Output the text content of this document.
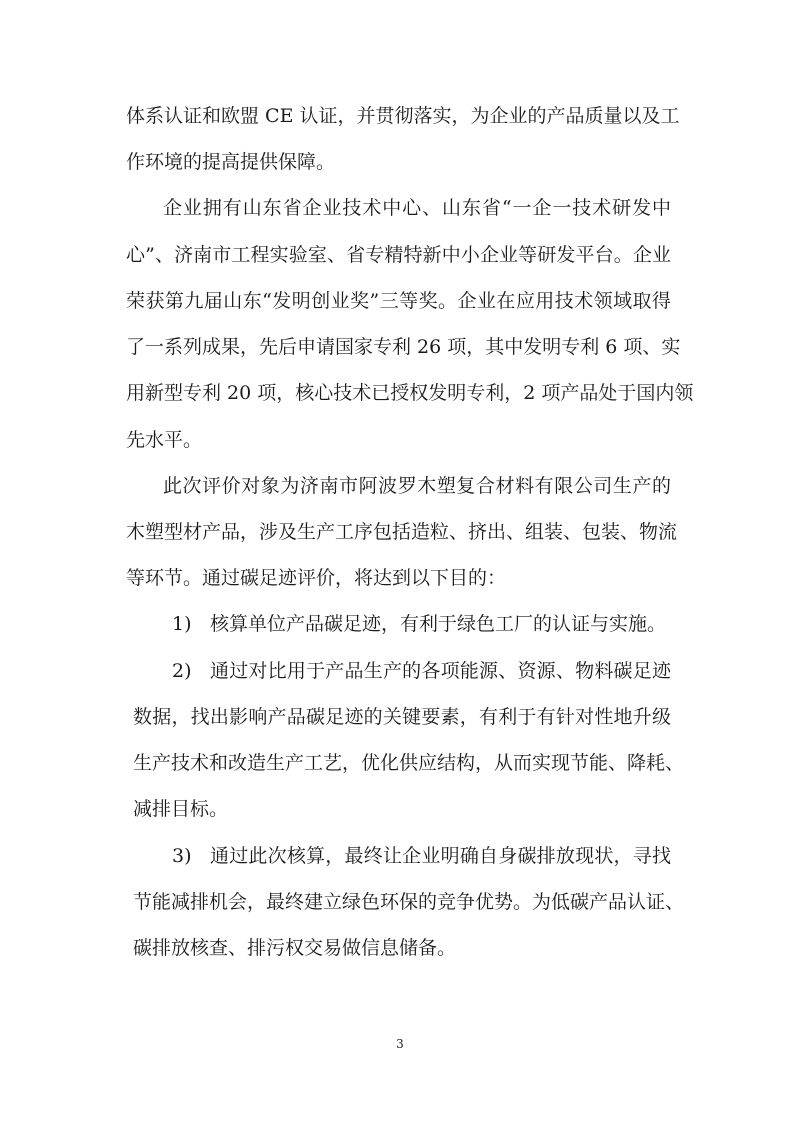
体系认证和欧盟 CE 认证，并贯彻落实，为企业的产品质量以及工
作环境的提高提供保障。
企业拥有山东省企业技术中心、山东省“一企一技术研发中
心”、济南市工程实验室、省专精特新中小企业等研发平台。企业
荣获第九届山东“发明创业奖”三等奖。企业在应用技术领域取得
了一系列成果，先后申请国家专利 26 项，其中发明专利 6 项、实
用新型专利 20 项，核心技术已授权发明专利，2 项产品处于国内领
先水平。
此次评价对象为济南市阿波罗木塑复合材料有限公司生产的
木塑型材产品，涉及生产工序包括造粒、挤出、组装、包装、物流
等环节。通过碳足迹评价，将达到以下目的：
1) 核算单位产品碳足迹，有利于绿色工厂的认证与实施。
2) 通过对比用于产品生产的各项能源、资源、物料碳足迹
数据，找出影响产品碳足迹的关键要素，有利于有针对性地升级
生产技术和改造生产工艺，优化供应结构，从而实现节能、降耗、
减排目标。
3) 通过此次核算，最终让企业明确自身碳排放现状，寻找
节能减排机会，最终建立绿色环保的竞争优势。为低碳产品认证、
碳排放核查、排污权交易做信息储备。
3
